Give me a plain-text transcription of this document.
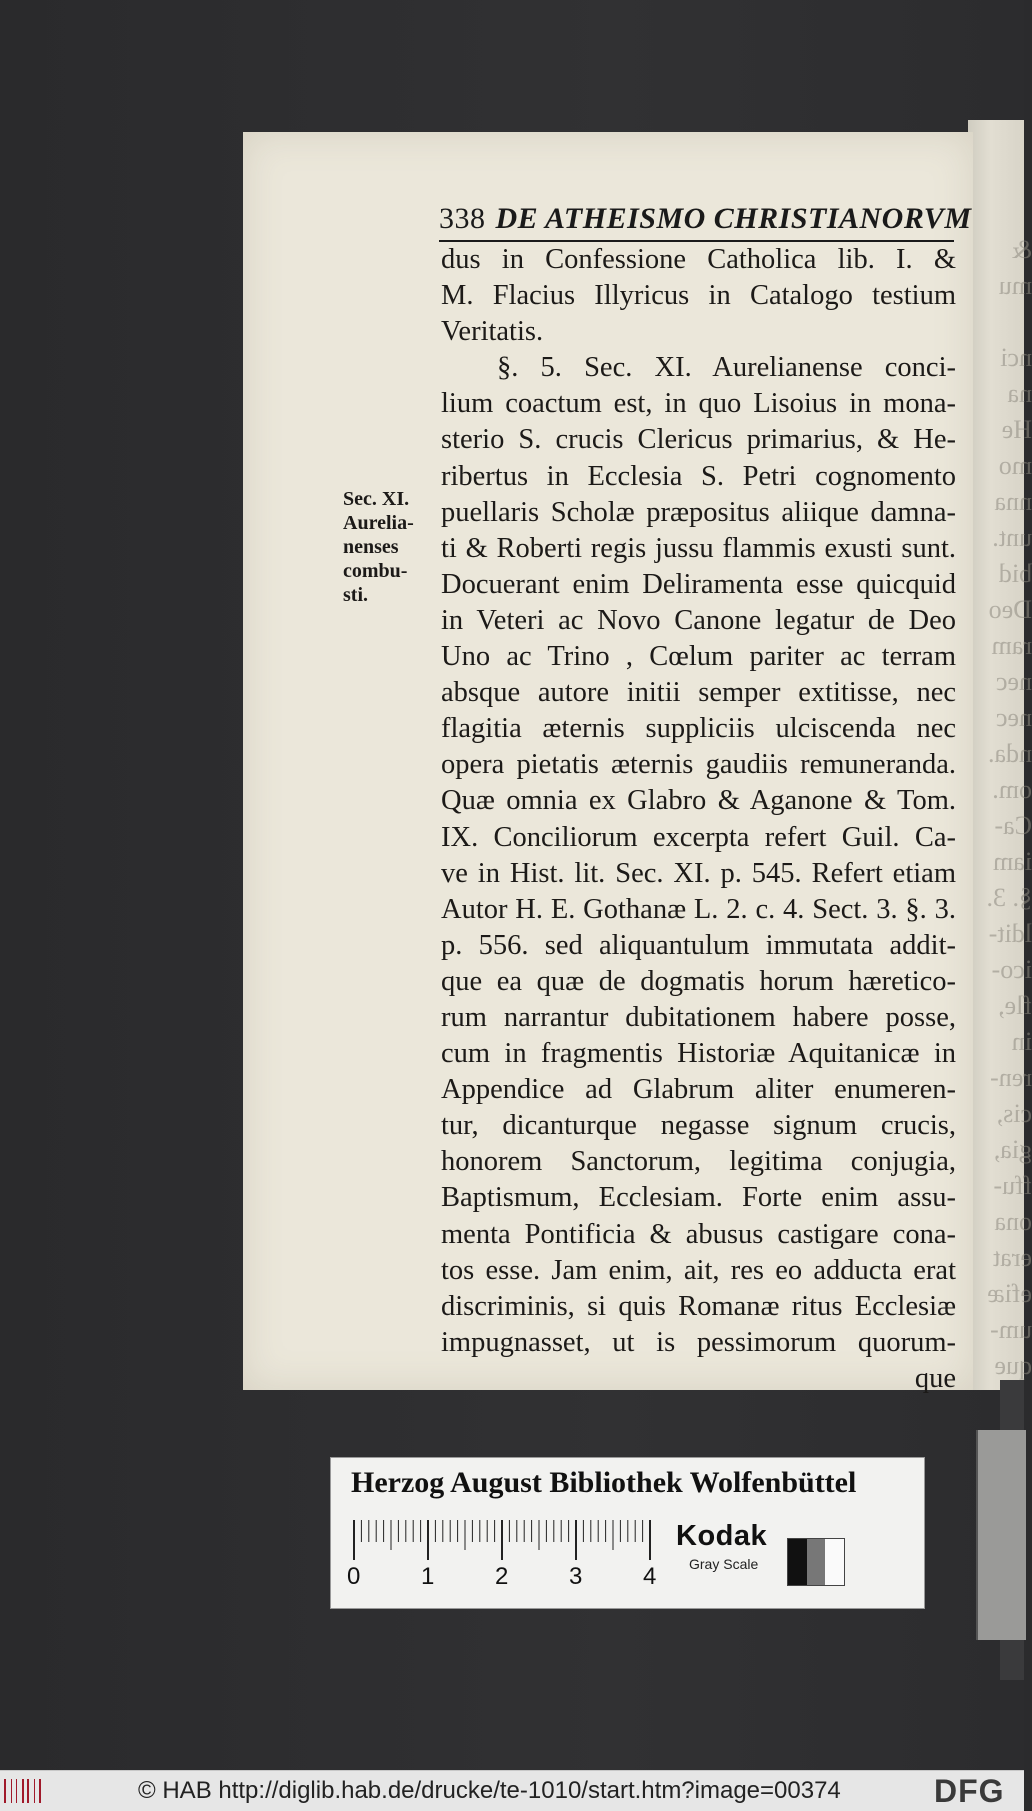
&
mu
nci
na
He
mo
nna
unt.
bid
Deo
ram
nec
nec
nda.
om.
Ca-
iam
§. 3.
ldit-
ico-
fle,
in
ren-
cis,
gia,
ffu-
ona
erat
efiæ
um-
que
338 DE ATHEISMO CHRISTIANORVM
Sec. XI.
Aurelia-
nenses
combu-
sti.
dus in Confessione Catholica lib. I. &
M. Flacius Illyricus in Catalogo testium
Veritatis.
§. 5. Sec. XI. Aurelianense conci-
lium coactum est, in quo Lisoius in mona-
sterio S. crucis Clericus primarius, & He-
ribertus in Ecclesia S. Petri cognomento
puellaris Scholæ præpositus aliique damna-
ti & Roberti regis jussu flammis exusti sunt.
Docuerant enim Deliramenta esse quicquid
in Veteri ac Novo Canone legatur de Deo
Uno ac Trino , Cœlum pariter ac terram
absque autore initii semper extitisse, nec
flagitia æternis suppliciis ulciscenda nec
opera pietatis æternis gaudiis remuneranda.
Quæ omnia ex Glabro & Aganone & Tom.
IX. Conciliorum excerpta refert Guil. Ca-
ve in Hist. lit. Sec. XI. p. 545. Refert etiam
Autor H. E. Gothanæ L. 2. c. 4. Sect. 3. §. 3.
p. 556. sed aliquantulum immutata addit-
que ea quæ de dogmatis horum hæretico-
rum narrantur dubitationem habere posse,
cum in fragmentis Historiæ Aquitanicæ in
Appendice ad Glabrum aliter enumeren-
tur, dicanturque negasse signum crucis,
honorem Sanctorum, legitima conjugia,
Baptismum, Ecclesiam. Forte enim assu-
menta Pontificia & abusus castigare cona-
tos esse. Jam enim, ait, res eo adducta erat
discriminis, si quis Romanæ ritus Ecclesiæ
impugnasset, ut is pessimorum quorum-
que
Herzog August Bibliothek Wolfenbüttel
0	1	2	3	4
Kodak
Gray Scale
© HAB http://diglib.hab.de/drucke/te-1010/start.htm?image=00374	DFG
